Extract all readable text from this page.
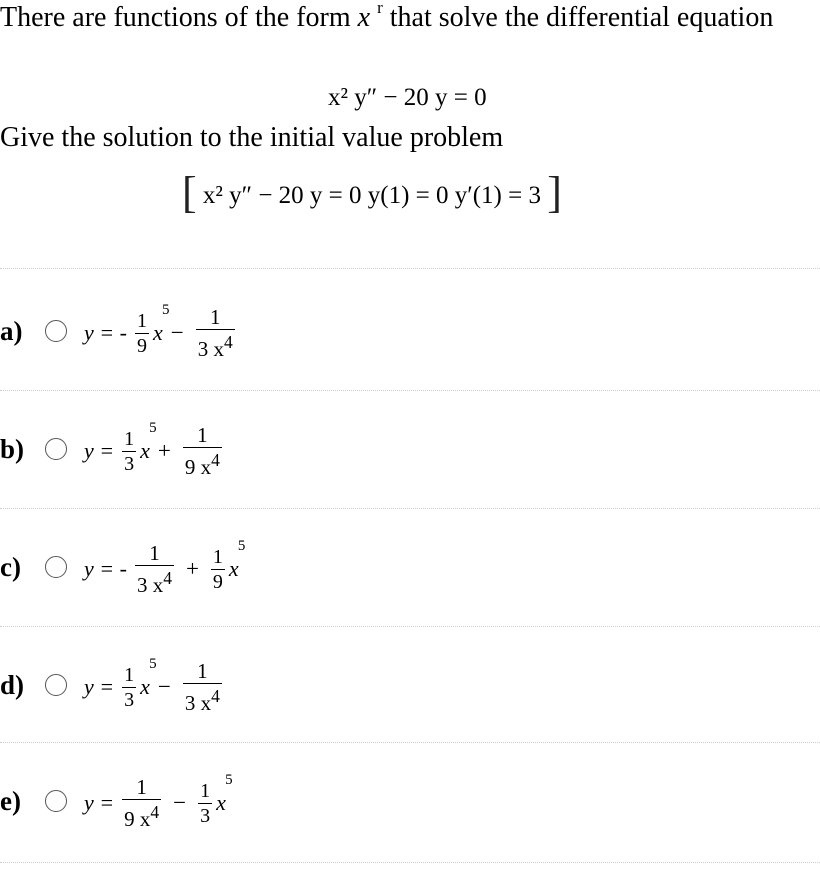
There are functions of the form x $^r$ that solve the differential equation
x² y″ − 20 y = 0
Give the solution to the initial value problem
[ x² y″ − 20 y = 0 y(1) = 0 y′(1) = 3 ]
a)	y = - $\frac{1}{9}$ x
5
− $\frac{1}{3 x^4}$
b)	$y = \frac{1}{3}$ x
5
+ $\frac{1}{9 x^4}$
c)	y = - $\frac{1}{3 x^4} + \frac{1}{9}$ x
5
d)	$y = \frac{1}{3}$ x
5
− $\frac{1}{3 x^4}$
e)	$y = \frac{1}{9 x^4} - \frac{1}{3}$ x
5
